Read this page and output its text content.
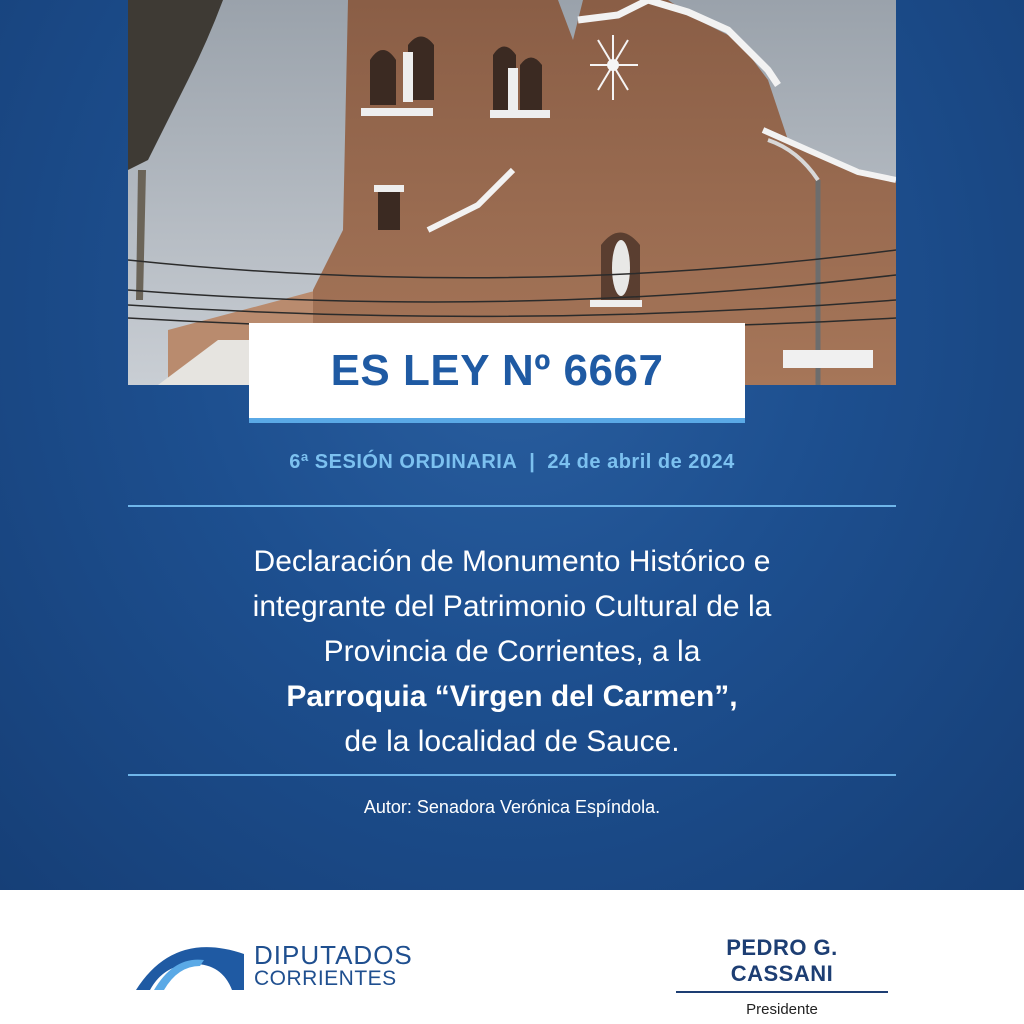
ES LEY Nº 6667
6ª SESIÓN ORDINARIA | 24 de abril de 2024
Declaración de Monumento Histórico e
integrante del Patrimonio Cultural de la
Provincia de Corrientes, a la
Parroquia “Virgen del Carmen”,
de la localidad de Sauce.
Autor: Senadora Verónica Espíndola.
DIPUTADOS
CORRIENTES
PEDRO G. CASSANI
Presidente
